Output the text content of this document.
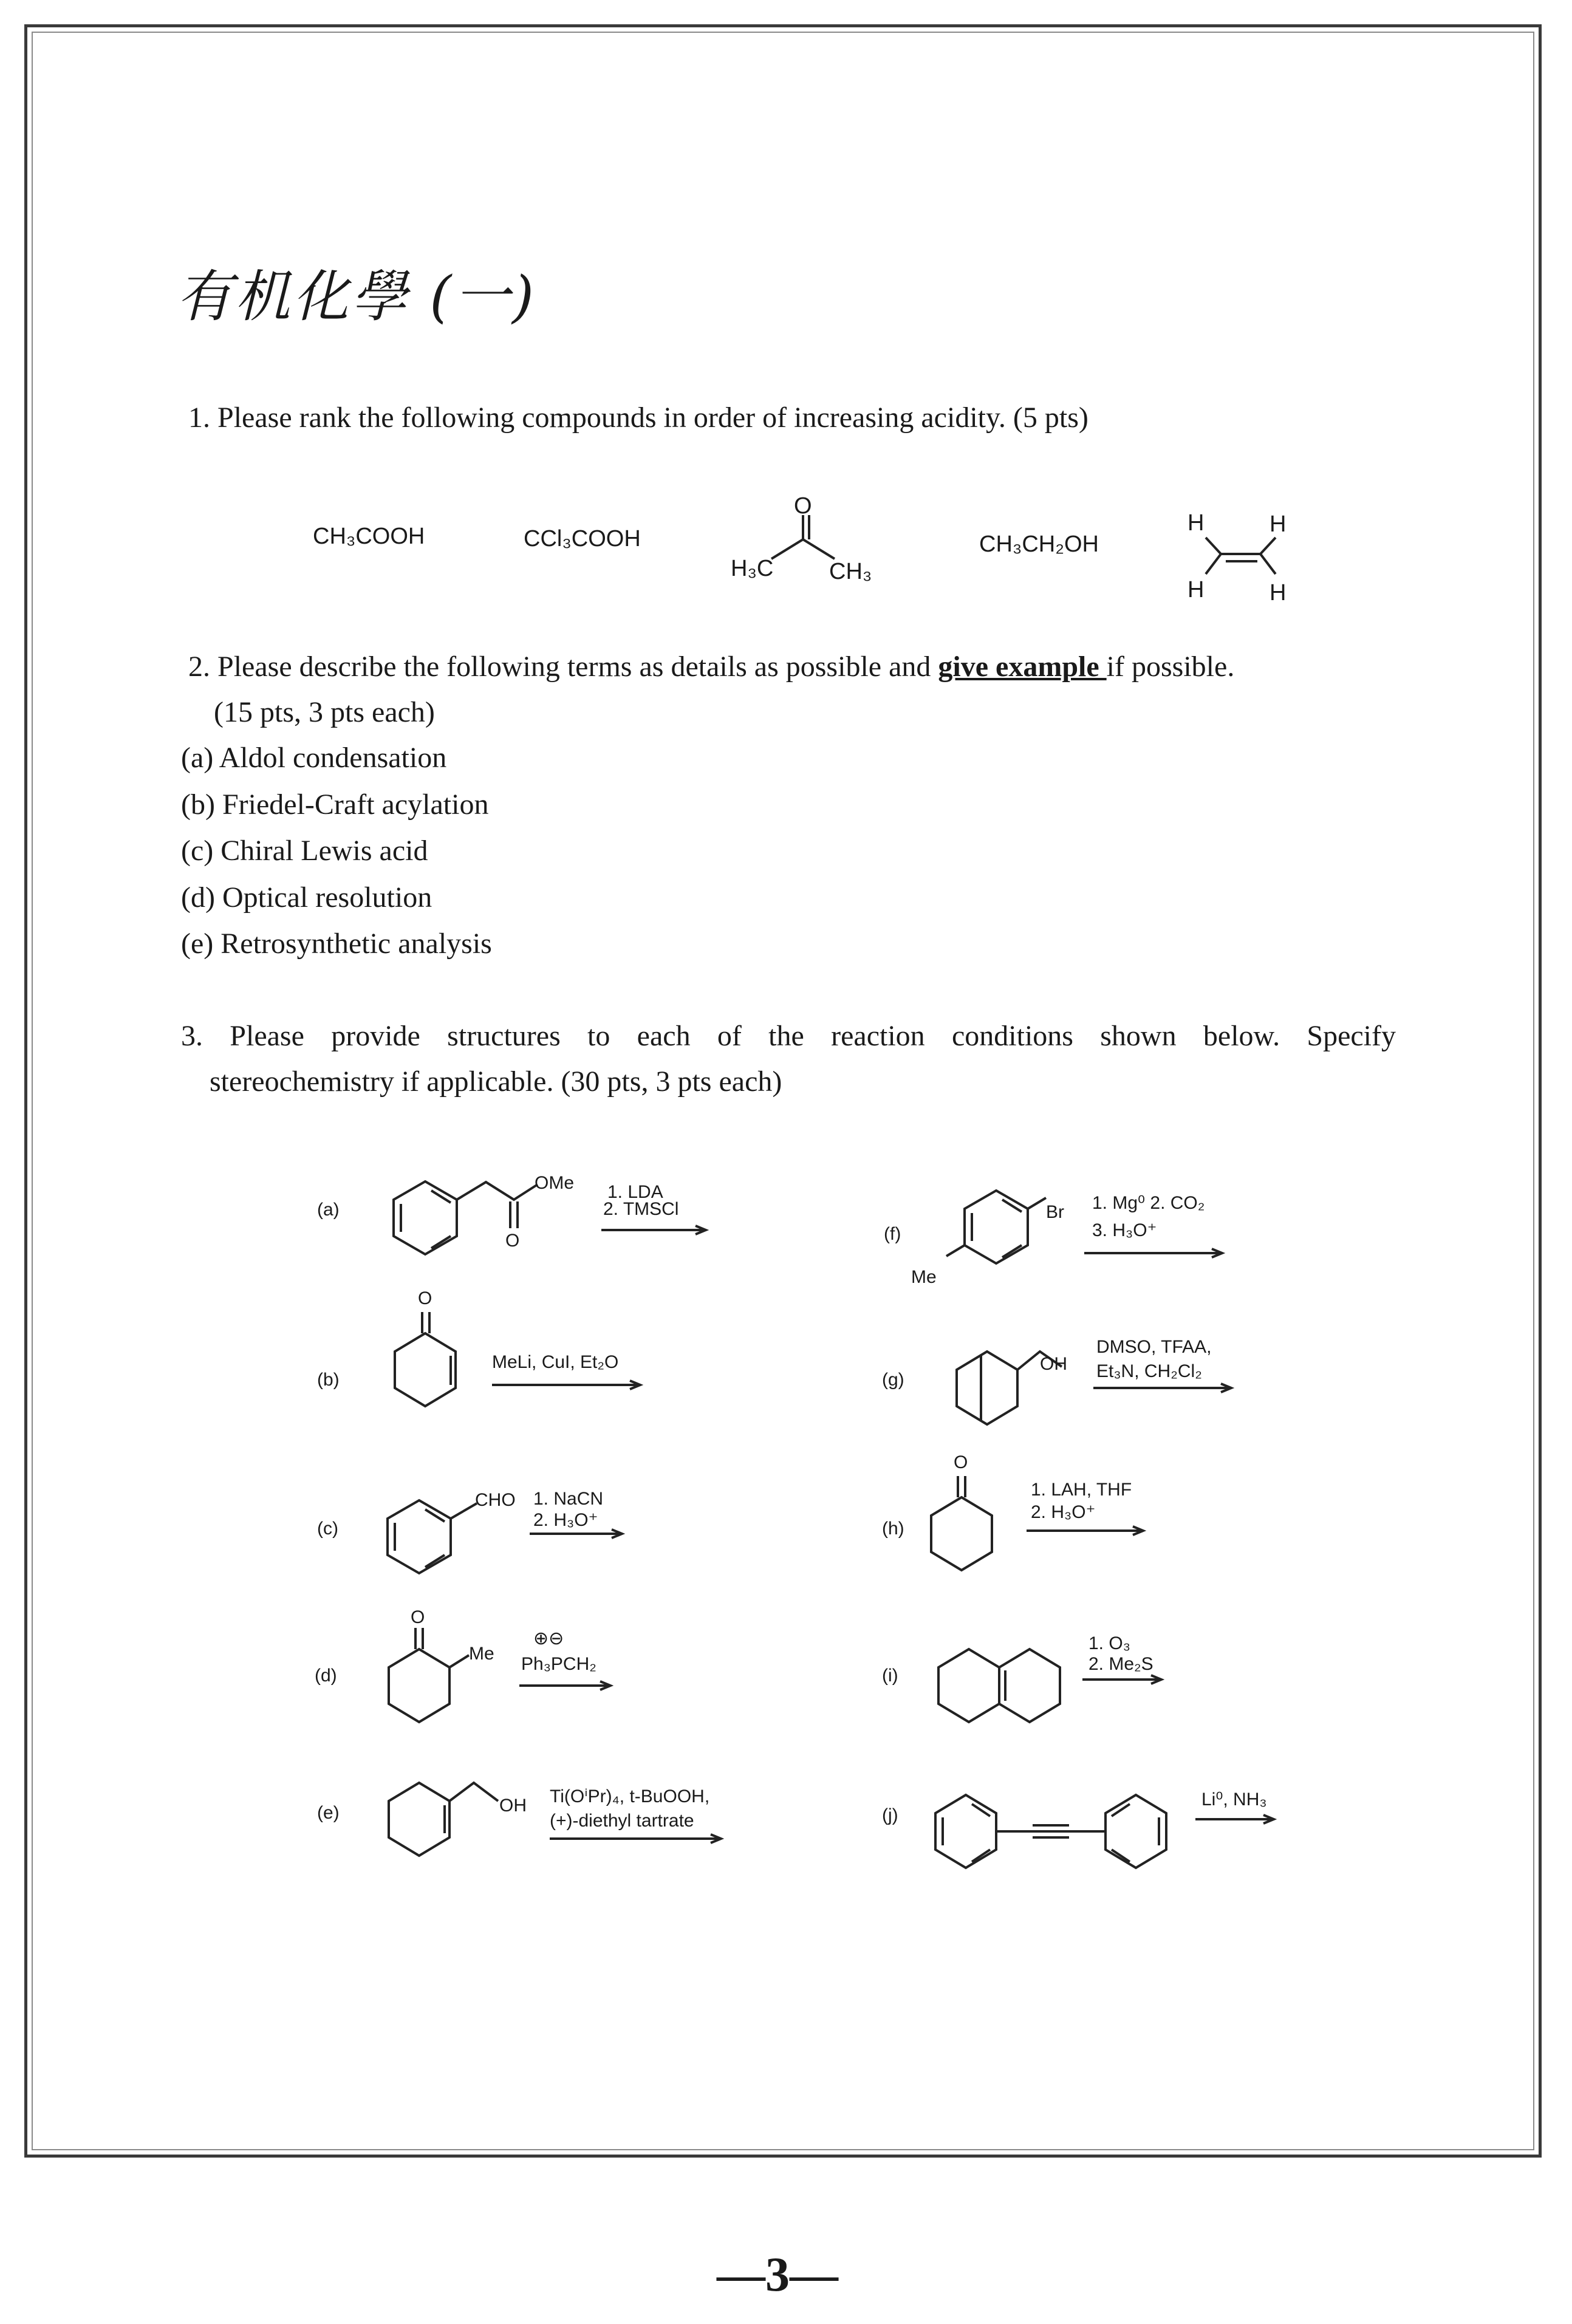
有机化學 (一)
1. Please rank the following compounds in order of increasing acidity. (5 pts)
CH₃COOH	CCl₃COOH
H₃C CH₃
O
CH₃CH₂OH
H	H
H	H
2. Please describe the following terms as details as possible and give example if possible.
(15 pts, 3 pts each)
(a) Aldol condensation
(b) Friedel-Craft acylation
(c) Chiral Lewis acid
(d) Optical resolution
(e) Retrosynthetic analysis
3. Please provide structures to each of the reaction conditions shown below. Specify
stereochemistry if applicable. (30 pts, 3 pts each)
(a)
(b)
(c)
(d)
(e)
(f)
(g)
(h)
(i)
(j)
OMe
O
1. LDA
2. TMSCl
O
MeLi, CuI, Et₂O
CHO 1. NaCN
2. H₃O⁺
O
Me
⊕⊖
Ph₃PCH₂
OH Ti(OⁱPr)₄, t-BuOOH,
(+)-diethyl tartrate
Br
Me
1. Mg⁰ 2. CO₂
3. H₃O⁺
OH
DMSO, TFAA,
Et₃N, CH₂Cl₂
O
1. LAH, THF
2. H₃O⁺
1. O₃
2. Me₂S
Li⁰, NH₃
—3—
